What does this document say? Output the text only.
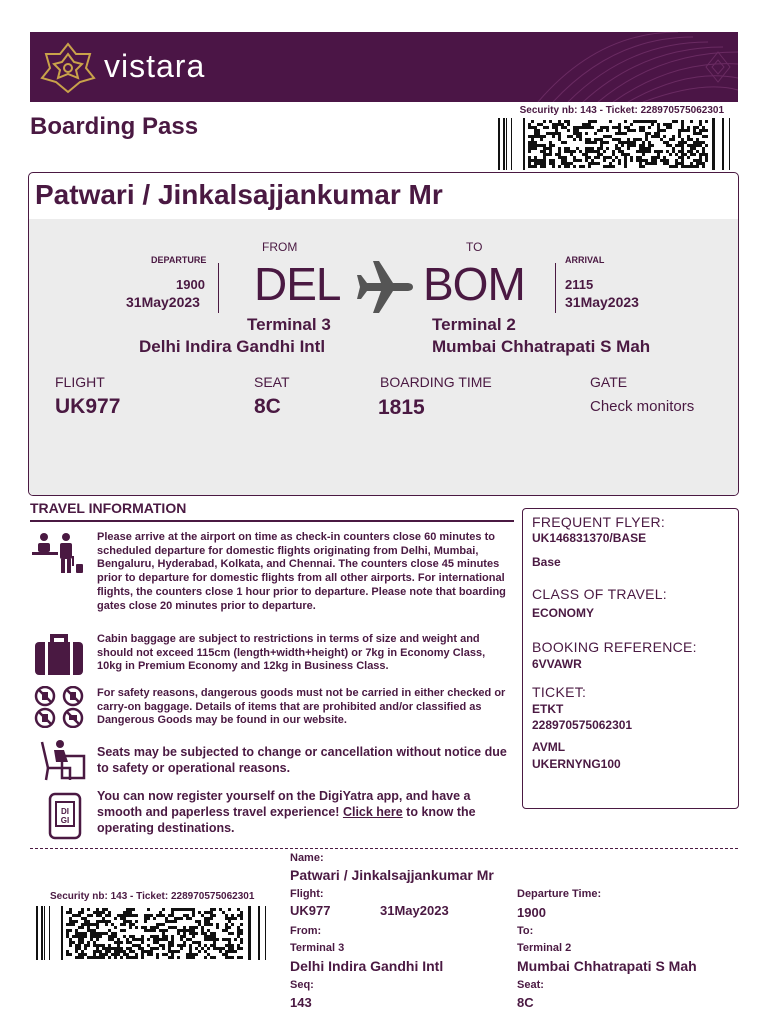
vistara
Security nb: 143 - Ticket: 228970575062301
Boarding Pass
Patwari / Jinkalsajjankumar Mr
DEPARTURE
1900
31May2023
FROM
DEL
TO
BOM	ARRIVAL
2115
31May2023
Terminal 3
Delhi Indira Gandhi Intl
Terminal 2
Mumbai Chhatrapati S Mah
FLIGHT
UK977
SEAT
8C
BOARDING TIME
1815
GATE
Check monitors
TRAVEL INFORMATION
Please arrive at the airport on time as check-in counters close 60 minutes to scheduled departure for domestic flights originating from Delhi, Mumbai, Bengaluru, Hyderabad, Kolkata, and Chennai. The counters close 45 minutes prior to departure for domestic flights from all other airports. For international flights, the counters close 1 hour prior to departure. Please note that boarding gates close 20 minutes prior to departure.
Cabin baggage are subject to restrictions in terms of size and weight and should not exceed 115cm (length+width+height) or 7kg in Economy Class, 10kg in Premium Economy and 12kg in Business Class.
For safety reasons, dangerous goods must not be carried in either checked or carry-on baggage. Details of items that are prohibited and/or classified as Dangerous Goods may be found in our website.
Seats may be subjected to change or cancellation without notice due to safety or operational reasons.
DI
GI
You can now register yourself on the DigiYatra app, and have a smooth and paperless travel experience! Click here to know the operating destinations.
FREQUENT FLYER:
UK146831370/BASE
Base
CLASS OF TRAVEL:
ECONOMY
BOOKING REFERENCE:
6VVAWR
TICKET:
ETKT
228970575062301
AVML
UKERNYNG100
Security nb: 143 - Ticket: 228970575062301
Name:
Patwari / Jinkalsajjankumar Mr
Flight:
UK977	31May2023
Departure Time:
1900
From:
Terminal 3
Delhi Indira Gandhi Intl
To:
Terminal 2
Mumbai Chhatrapati S Mah
Seq:
143
Seat:
8C
